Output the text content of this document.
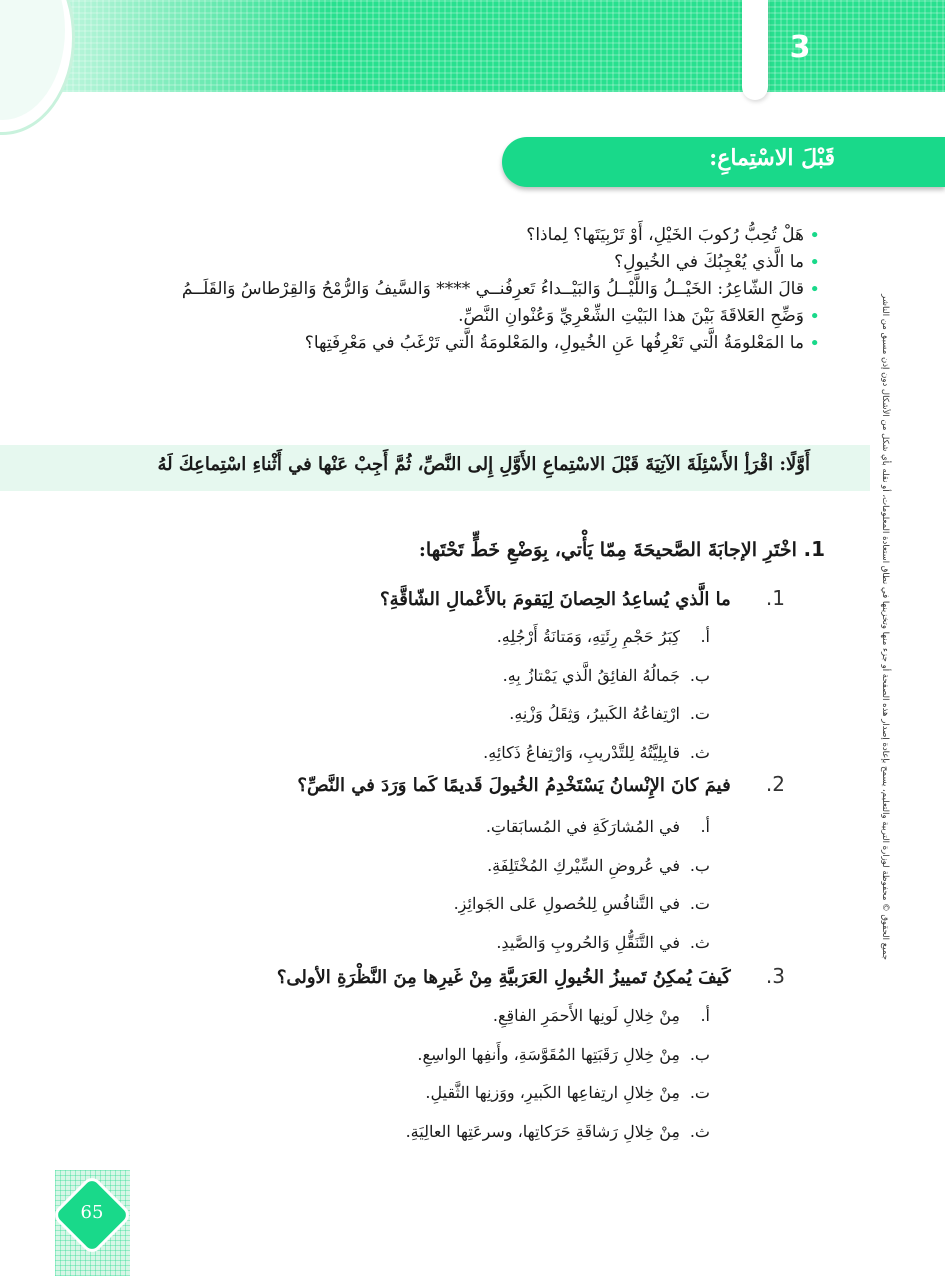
3
قَبْلَ الاسْتِماعِ:
•
هَلْ تُحِبُّ رُكوبَ الخَيْلِ، أَوْ تَرْبِيَتَها؟ لِماذا؟
•
ما الَّذي يُعْجِبُكَ في الخُيولِ؟
•
قالَ الشّاعِرُ: الخَيْــلُ وَاللَّيْــلُ وَالبَيْــداءُ تَعرِفُنــي **** وَالسَّيفُ وَالرُّمْحُ وَالقِرْطاسُ وَالقَلَــمُ
•
وَضِّحِ العَلاقَةَ بَيْنَ هذا البَيْتِ الشِّعْرِيِّ وَعُنْوانِ النَّصِّ.
•
ما المَعْلومَةُ الَّتي تَعْرِفُها عَنِ الخُيولِ، والمَعْلومَةُ الَّتي تَرْغَبُ في مَعْرِفَتِها؟
أَوَّلًا: اقْرَأِ الأَسْئِلَةَ الآتِيَةَ قَبْلَ الاسْتِماعِ الأَوَّلِ إِلى النَّصِّ، ثُمَّ أَجِبْ عَنْها في أَثْناءِ اسْتِماعِكَ لَهُ
1. اخْتَرِ الإجابَةَ الصَّحيحَةَ مِمّا يَأْتي، بِوَضْعِ خَطٍّ تَحْتَها:
1. ما الَّذي يُساعِدُ الحِصانَ لِيَقومَ بالأَعْمالِ الشّاقَّةِ؟
أ.كِبَرُ حَجْمِ رِئَتِهِ، وَمَتانَةُ أَرْجُلِهِ.
ب.جَمالُهُ الفائِقُ الَّذي يَمْتازُ بِهِ.
ت.ارْتِفاعُهُ الكَبيرُ، وَثِقَلُ وَزْنِهِ.
ث.قابِلِيَّتُهُ لِلتَّدْريبِ، وَارْتِفاعُ ذَكائِهِ.
2. فيمَ كانَ الإِنْسانُ يَسْتَخْدِمُ الخُيولَ قَديمًا كَما وَرَدَ في النَّصِّ؟
أ.في المُشارَكَةِ في المُسابَقاتِ.
ب.في عُروضِ السِّيْركِ المُخْتَلِفَةِ.
ت.في التَّنافُسِ لِلحُصولِ عَلى الجَوائِزِ.
ث.في التَّنَقُّلِ وَالحُروبِ وَالصَّيدِ.
3. كَيفَ يُمكِنُ تَمييزُ الخُيولِ العَرَبيَّةِ مِنْ غَيرِها مِنَ النَّظْرَةِ الأولى؟
أ.مِنْ خِلالِ لَونِها الأَحمَرِ الفاقِعِ.
ب.مِنْ خِلالِ رَقَبَتِها المُقَوَّسَةِ، وأَنفِها الواسِعِ.
ت.مِنْ خِلالِ ارتِفاعِها الكَبيرِ، ووَزنِها الثَّقيلِ.
ث.مِنْ خِلالِ رَشاقَةِ حَرَكاتِها، وسرعَتِها العالِيَةِ.
جميع الحقوق © محفوظة لوزارة التربية والتعليم، يسمح بإعادة إصدار هذه الصفحة أو جزء منها وتخزينها في نطاق استعادة المعلومات، أو نقله بأي شكل من الأشكال دون إذن مسبق من الناشر
65
